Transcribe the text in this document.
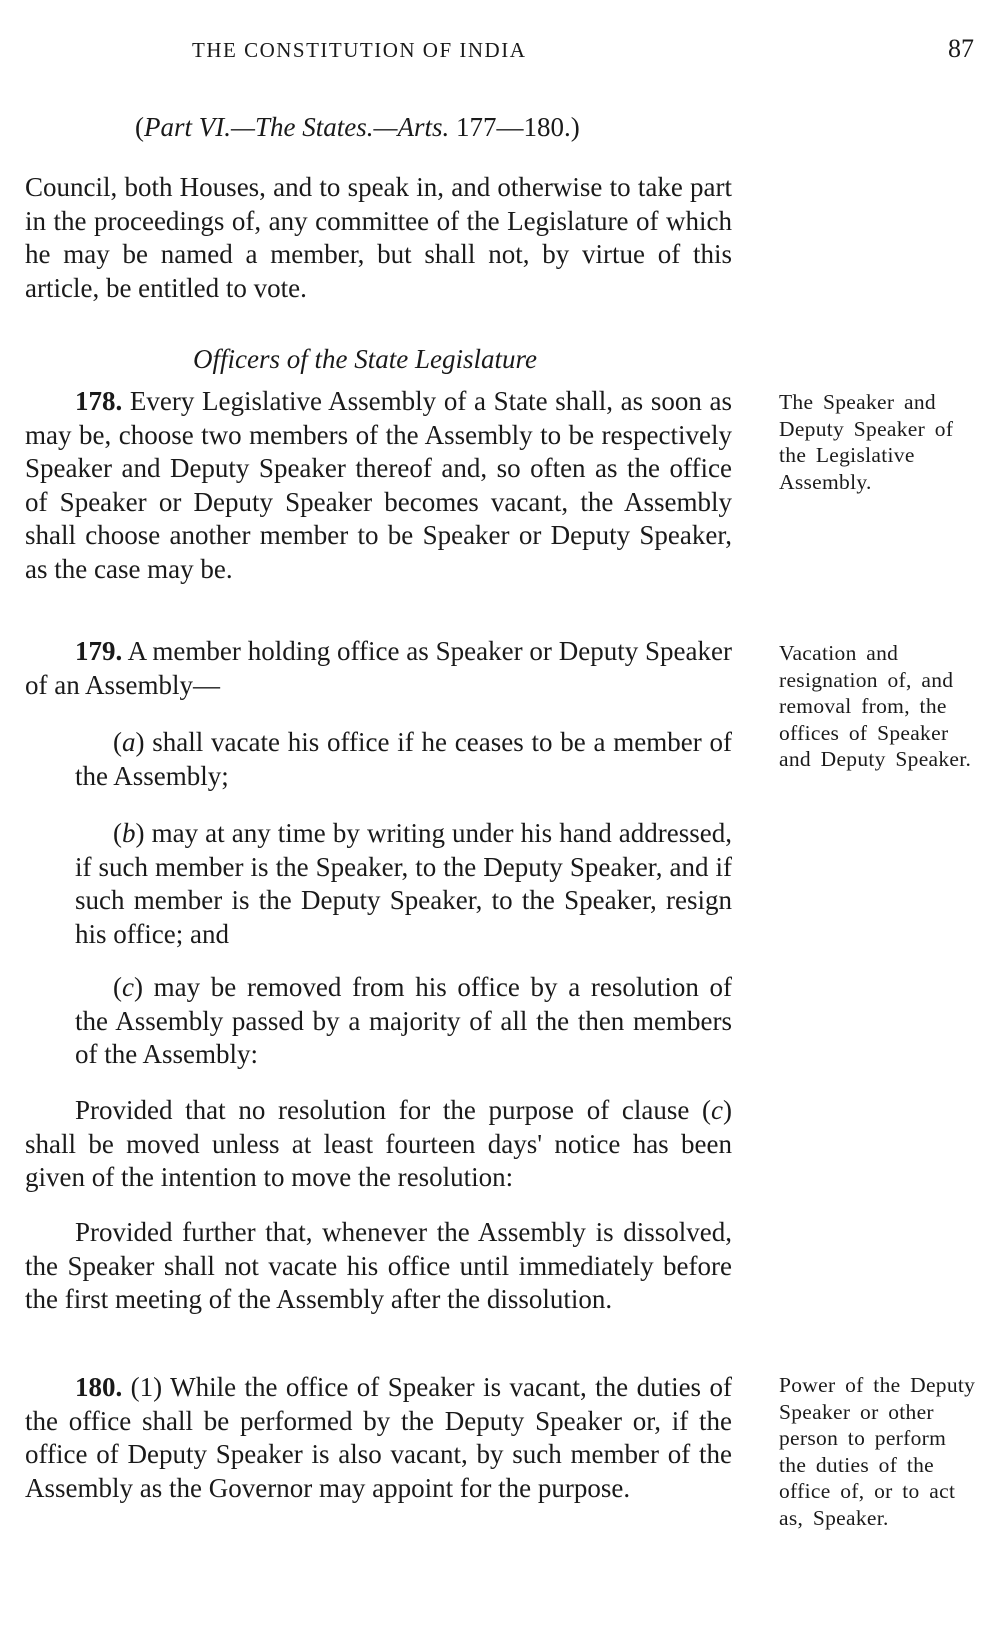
THE CONSTITUTION OF INDIA	87
(Part VI.—The States.—Arts. 177—180.)

Council, both Houses, and to speak in, and otherwise to take part in the proceedings of, any committee of the Legislature of which he may be named a member, but shall not, by virtue of this article, be entitled to vote.

Officers of the State Legislature

178. Every Legislative Assembly of a State shall, as soon as may be, choose two members of the Assembly to be respectively Speaker and Deputy Speaker thereof and, so often as the office of Speaker or Deputy Speaker becomes vacant, the Assembly shall choose another member to be Speaker or Deputy Speaker, as the case may be.

The Speaker and Deputy Speaker of the Legislative Assembly.

179. A member holding office as Speaker or Deputy Speaker of an Assembly—

Vacation and resignation of, and removal from, the offices of Speaker and Deputy Speaker.

(a) shall vacate his office if he ceases to be a member of the Assembly;

(b) may at any time by writing under his hand addressed, if such member is the Speaker, to the Deputy Speaker, and if such member is the Deputy Speaker, to the Speaker, resign his office; and

(c) may be removed from his office by a resolution of the Assembly passed by a majority of all the then members of the Assembly:

Provided that no resolution for the purpose of clause (c) shall be moved unless at least fourteen days' notice has been given of the intention to move the resolution:

Provided further that, whenever the Assembly is dissolved, the Speaker shall not vacate his office until immediately before the first meeting of the Assembly after the dissolution.

180. (1) While the office of Speaker is vacant, the duties of the office shall be performed by the Deputy Speaker or, if the office of Deputy Speaker is also vacant, by such member of the Assembly as the Governor may appoint for the purpose.

Power of the Deputy Speaker or other person to perform the duties of the office of, or to act as, Speaker.
